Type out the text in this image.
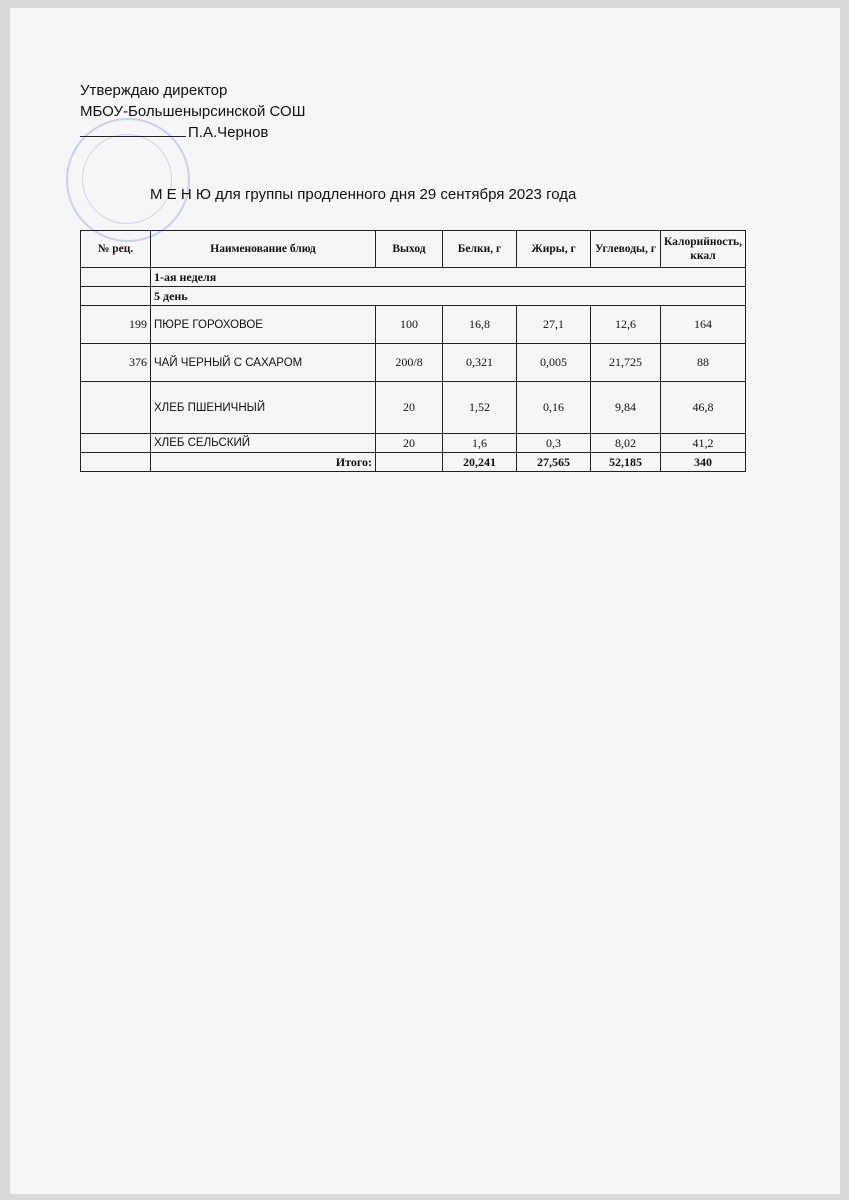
Утверждаю директор
МБОУ-Большенырсинской СОШ
П.А.Чернов
М Е Н Ю для группы продленного дня 29 сентября 2023 года
№ рец.	Наименование блюд	Выход	Белки, г	Жиры, г	Углеводы, г	Калорийность, ккал
	1-ая неделя					
	5 день					
199	ПЮРЕ ГОРОХОВОЕ	100	16,8	27,1	12,6	164
376	ЧАЙ ЧЕРНЫЙ С САХАРОМ	200/8	0,321	0,005	21,725	88
	ХЛЕБ ПШЕНИЧНЫЙ	20	1,52	0,16	9,84	46,8
	ХЛЕБ СЕЛЬСКИЙ	20	1,6	0,3	8,02	41,2
	Итого:		20,241	27,565	52,185	340
